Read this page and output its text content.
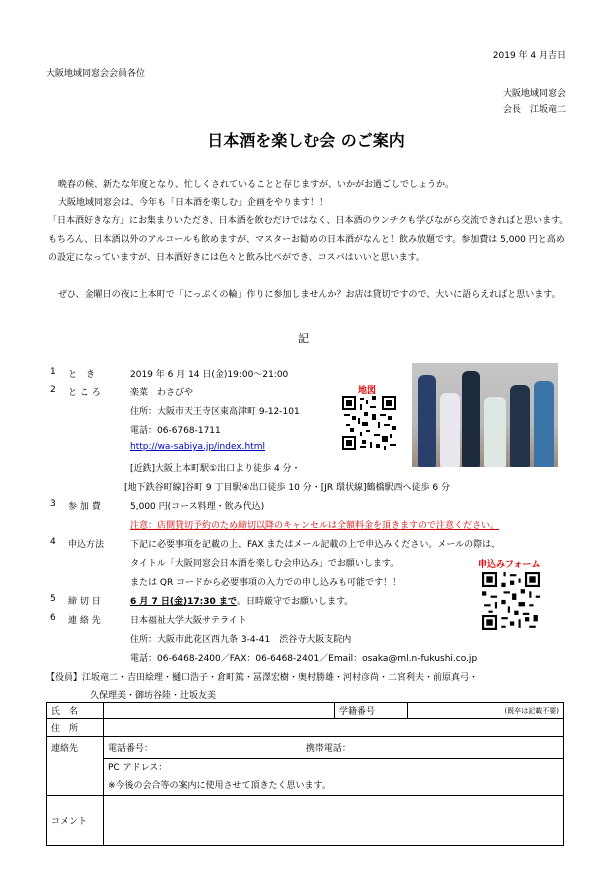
2019 年 4 月吉日
大阪地域同窓会会員各位
大阪地域同窓会
会長　江坂竜二
日本酒を楽しむ会 のご案内
晩春の候、新たな年度となり、忙しくされていることと存じますが、いかがお過ごしでしょうか。
大阪地域同窓会は、今年も「日本酒を楽しむ」企画をやります！！
「日本酒好きな方」にお集まりいただき、日本酒を飲むだけではなく、日本酒のウンチクも学びながら交流できればと思います。もちろん、日本酒以外のアルコールも飲めますが、マスターお勧めの日本酒がなんと！飲み放題です。参加費は 5,000 円と高めの設定になっていますが、日本酒好きには色々と飲み比べができ、コスパはいいと思います。
ぜひ、金曜日の夜に上本町で「にっぷくの輪」作りに参加しませんか？お店は貸切ですので、大いに語らえればと思います。
記
1 と　き	2019 年 6 月 14 日(金)19:00～21:00
2 と こ ろ	楽菜　わさびや
住所：大阪市天王寺区東高津町 9-12-101
電話：06-6768-1711
http://wa-sabiya.jp/index.html
[近鉄]大阪上本町駅①出口より徒歩 4 分・
[地下鉄谷町線]谷町 9 丁目駅④出口徒歩 10 分・[JR 環状線]鶴橋駅西へ徒歩 6 分
地図
3 参 加 費	5,000 円(コース料理・飲み代込)
注意：店側貸切予約のため締切以降のキャンセルは全額料金を頂きますので注意ください。
4 申込方法	下記に必要事項を記載の上、FAX またはメール記載の上で申込みください。メールの際は、
タイトル「大阪同窓会日本酒を楽しむ会申込み」でお願いします。
または QR コードから必要事項の入力での申し込みも可能です！！
申込みフォーム
5 締 切 日	6 月 7 日(金)17:30 まで。日時厳守でお願いします。
6 連 絡 先	日本福祉大学大阪サテライト
住所：大阪市此花区西九条 3-4-41　渋谷寺大阪支院内
電話：06-6468-2400／FAX：06-6468-2401／Email：osaka@ml.n-fukushi.co.jp
【役員】江坂竜二・吉田絵理・樋口浩子・倉町篤・冨澤宏樹・奥村勝雄・河村彦尚・二宮利夫・前原真弓・
久保理美・御坊谷陸・辻坂友美
氏　名		学籍番号	(既卒は記載不要)
住　所			
連絡先	電話番号： 携帯電話：		

	PC アドレス：
※今後の会合等の案内に使用させて頂きたく思います。		

コメント			
